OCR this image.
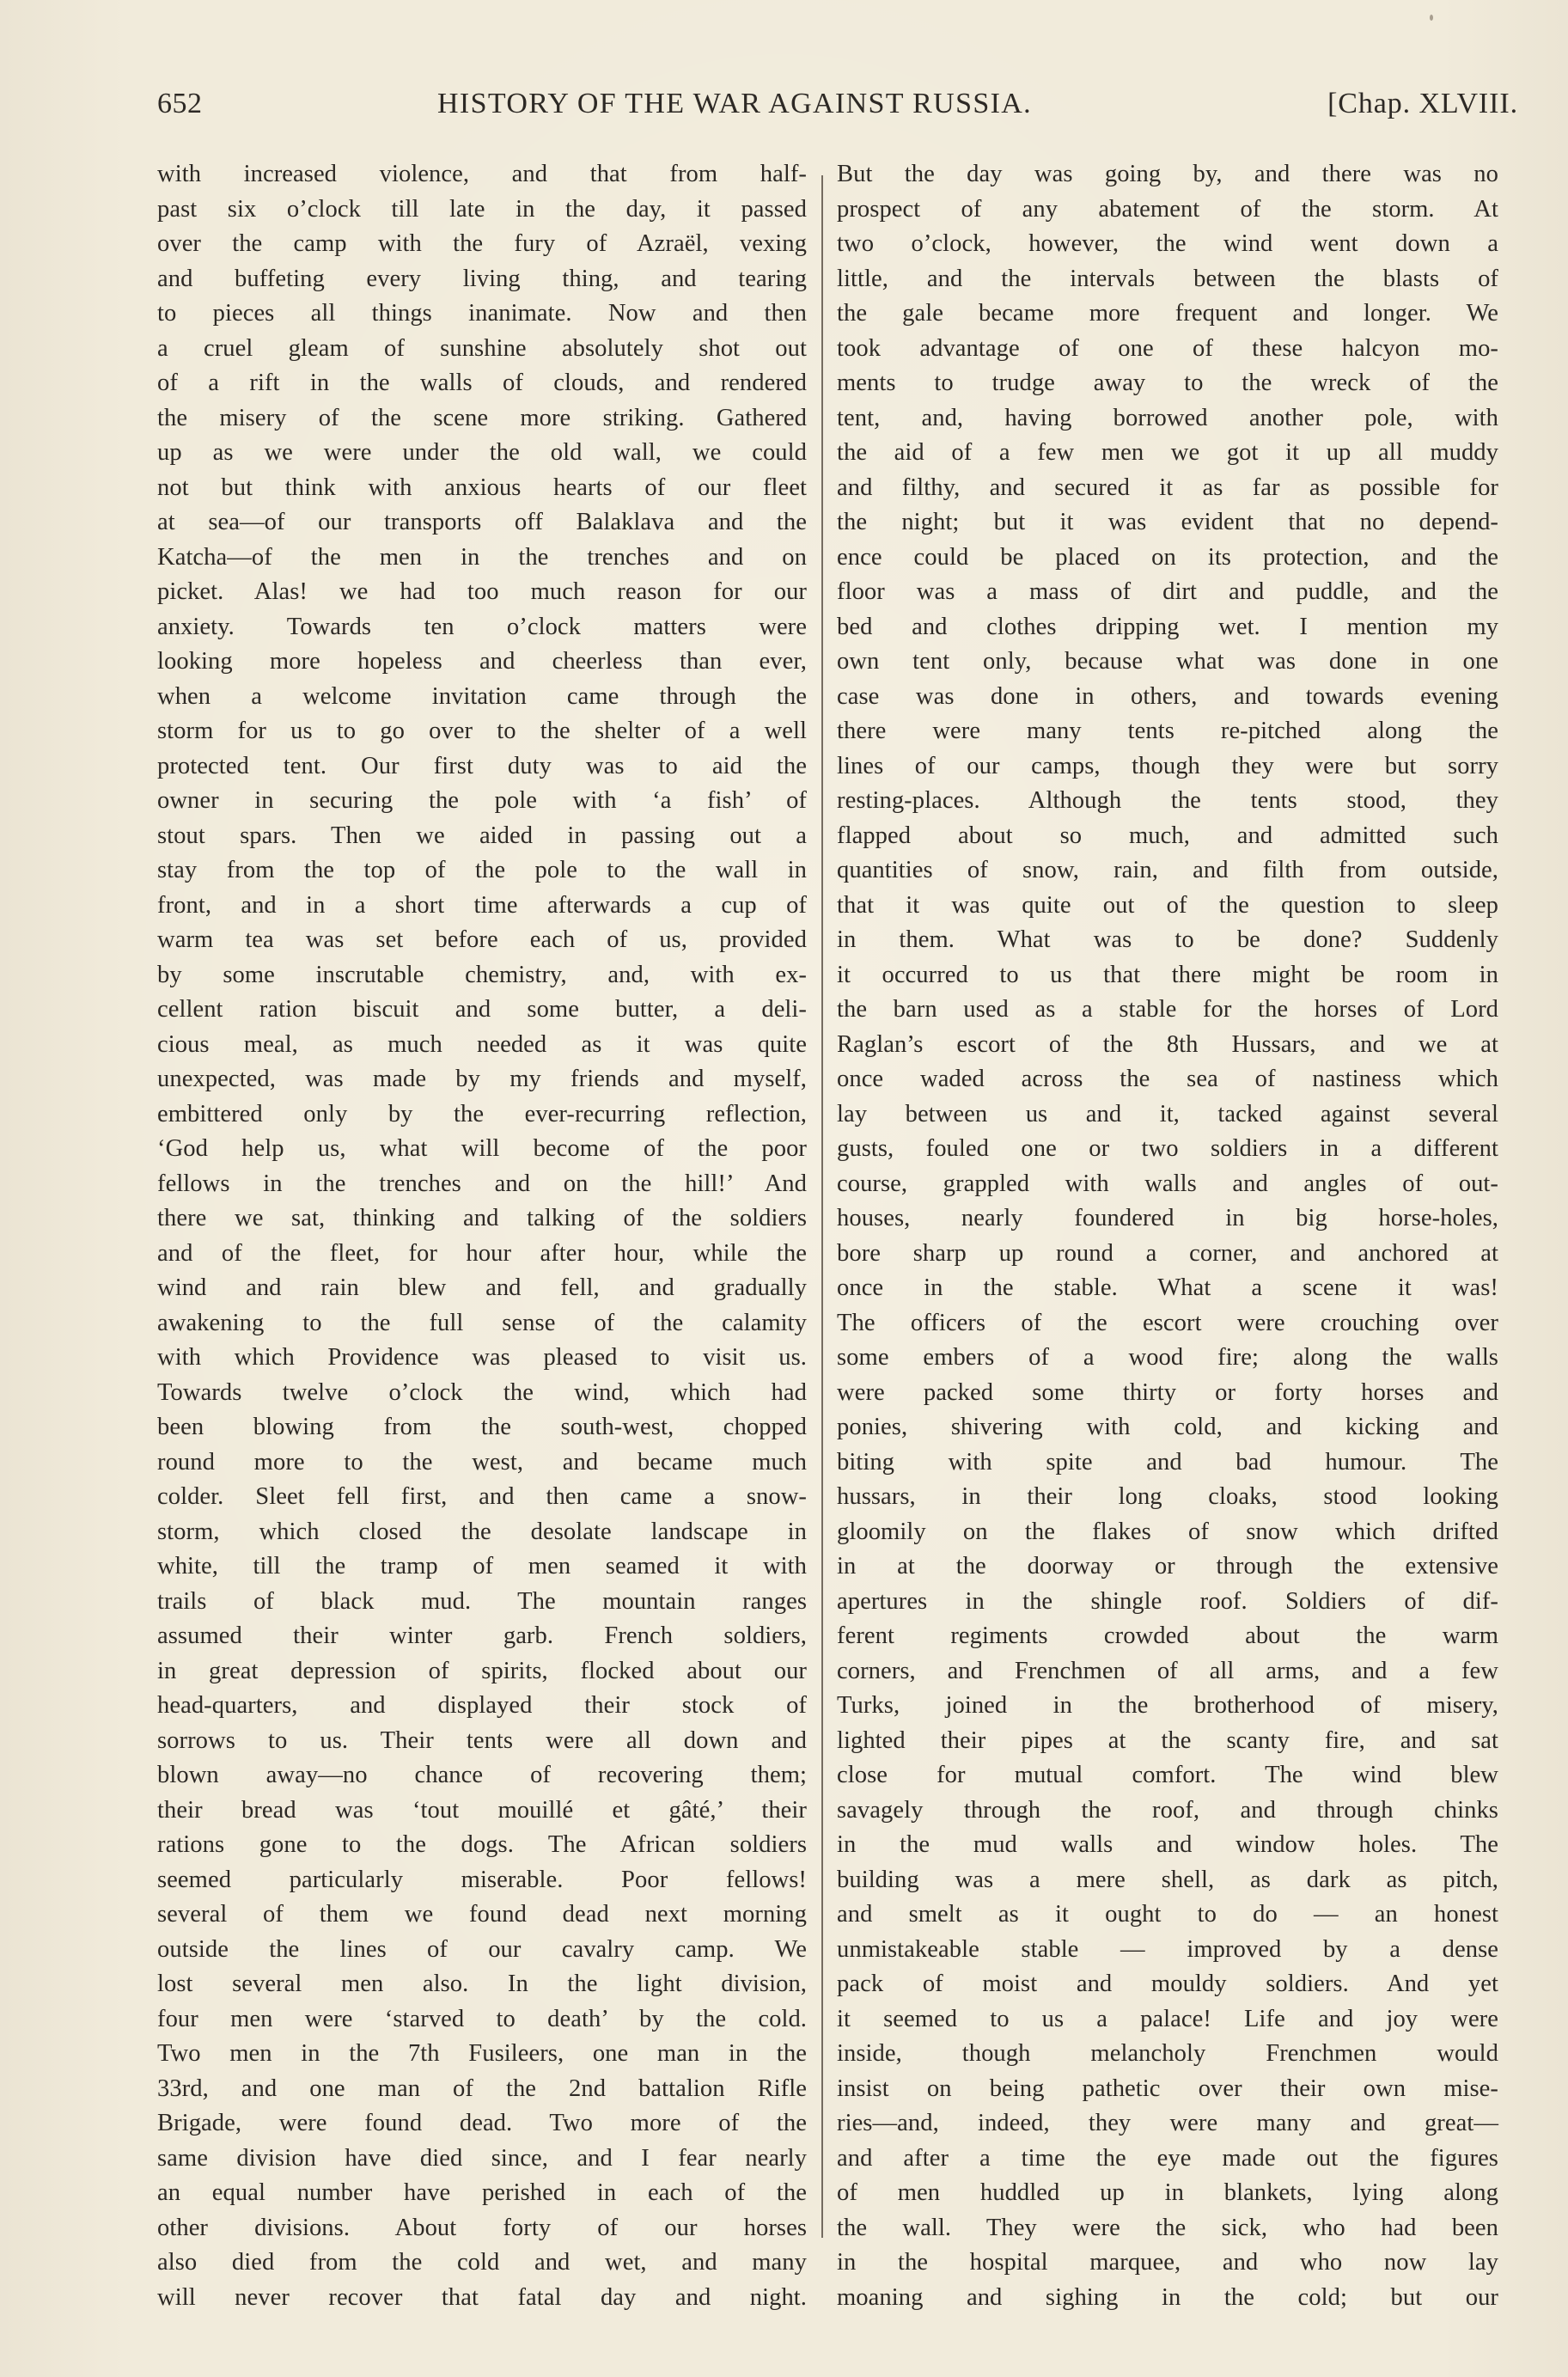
652	HISTORY OF THE WAR AGAINST RUSSIA.	[Chap. XLVIII.
with increased violence, and that from half-
past six o’clock till late in the day, it passed
over the camp with the fury of Azraël, vexing
and buffeting every living thing, and tearing
to pieces all things inanimate. Now and then
a cruel gleam of sunshine absolutely shot out
of a rift in the walls of clouds, and rendered
the misery of the scene more striking. Gathered
up as we were under the old wall, we could
not but think with anxious hearts of our fleet
at sea—of our transports off Balaklava and the
Katcha—of the men in the trenches and on
picket. Alas! we had too much reason for our
anxiety. Towards ten o’clock matters were
looking more hopeless and cheerless than ever,
when a welcome invitation came through the
storm for us to go over to the shelter of a well
protected tent. Our first duty was to aid the
owner in securing the pole with ‘a fish’ of
stout spars. Then we aided in passing out a
stay from the top of the pole to the wall in
front, and in a short time afterwards a cup of
warm tea was set before each of us, provided
by some inscrutable chemistry, and, with ex-
cellent ration biscuit and some butter, a deli-
cious meal, as much needed as it was quite
unexpected, was made by my friends and myself,
embittered only by the ever-recurring reflection,
‘God help us, what will become of the poor
fellows in the trenches and on the hill!’ And
there we sat, thinking and talking of the soldiers
and of the fleet, for hour after hour, while the
wind and rain blew and fell, and gradually
awakening to the full sense of the calamity
with which Providence was pleased to visit us.
Towards twelve o’clock the wind, which had
been blowing from the south-west, chopped
round more to the west, and became much
colder. Sleet fell first, and then came a snow-
storm, which closed the desolate landscape in
white, till the tramp of men seamed it with
trails of black mud. The mountain ranges
assumed their winter garb. French soldiers,
in great depression of spirits, flocked about our
head-quarters, and displayed their stock of
sorrows to us. Their tents were all down and
blown away—no chance of recovering them;
their bread was ‘tout mouillé et gâté,’ their
rations gone to the dogs. The African soldiers
seemed particularly miserable. Poor fellows!
several of them we found dead next morning
outside the lines of our cavalry camp. We
lost several men also. In the light division,
four men were ‘starved to death’ by the cold.
Two men in the 7th Fusileers, one man in the
33rd, and one man of the 2nd battalion Rifle
Brigade, were found dead. Two more of the
same division have died since, and I fear nearly
an equal number have perished in each of the
other divisions. About forty of our horses
also died from the cold and wet, and many
will never recover that fatal day and night.
But the day was going by, and there was no
prospect of any abatement of the storm. At
two o’clock, however, the wind went down a
little, and the intervals between the blasts of
the gale became more frequent and longer. We
took advantage of one of these halcyon mo-
ments to trudge away to the wreck of the
tent, and, having borrowed another pole, with
the aid of a few men we got it up all muddy
and filthy, and secured it as far as possible for
the night; but it was evident that no depend-
ence could be placed on its protection, and the
floor was a mass of dirt and puddle, and the
bed and clothes dripping wet. I mention my
own tent only, because what was done in one
case was done in others, and towards evening
there were many tents re-pitched along the
lines of our camps, though they were but sorry
resting-places. Although the tents stood, they
flapped about so much, and admitted such
quantities of snow, rain, and filth from outside,
that it was quite out of the question to sleep
in them. What was to be done? Suddenly
it occurred to us that there might be room in
the barn used as a stable for the horses of Lord
Raglan’s escort of the 8th Hussars, and we at
once waded across the sea of nastiness which
lay between us and it, tacked against several
gusts, fouled one or two soldiers in a different
course, grappled with walls and angles of out-
houses, nearly foundered in big horse-holes,
bore sharp up round a corner, and anchored at
once in the stable. What a scene it was!
The officers of the escort were crouching over
some embers of a wood fire; along the walls
were packed some thirty or forty horses and
ponies, shivering with cold, and kicking and
biting with spite and bad humour. The
hussars, in their long cloaks, stood looking
gloomily on the flakes of snow which drifted
in at the doorway or through the extensive
apertures in the shingle roof. Soldiers of dif-
ferent regiments crowded about the warm
corners, and Frenchmen of all arms, and a few
Turks, joined in the brotherhood of misery,
lighted their pipes at the scanty fire, and sat
close for mutual comfort. The wind blew
savagely through the roof, and through chinks
in the mud walls and window holes. The
building was a mere shell, as dark as pitch,
and smelt as it ought to do — an honest
unmistakeable stable — improved by a dense
pack of moist and mouldy soldiers. And yet
it seemed to us a palace! Life and joy were
inside, though melancholy Frenchmen would
insist on being pathetic over their own mise-
ries—and, indeed, they were many and great—
and after a time the eye made out the figures
of men huddled up in blankets, lying along
the wall. They were the sick, who had been
in the hospital marquee, and who now lay
moaning and sighing in the cold; but our
